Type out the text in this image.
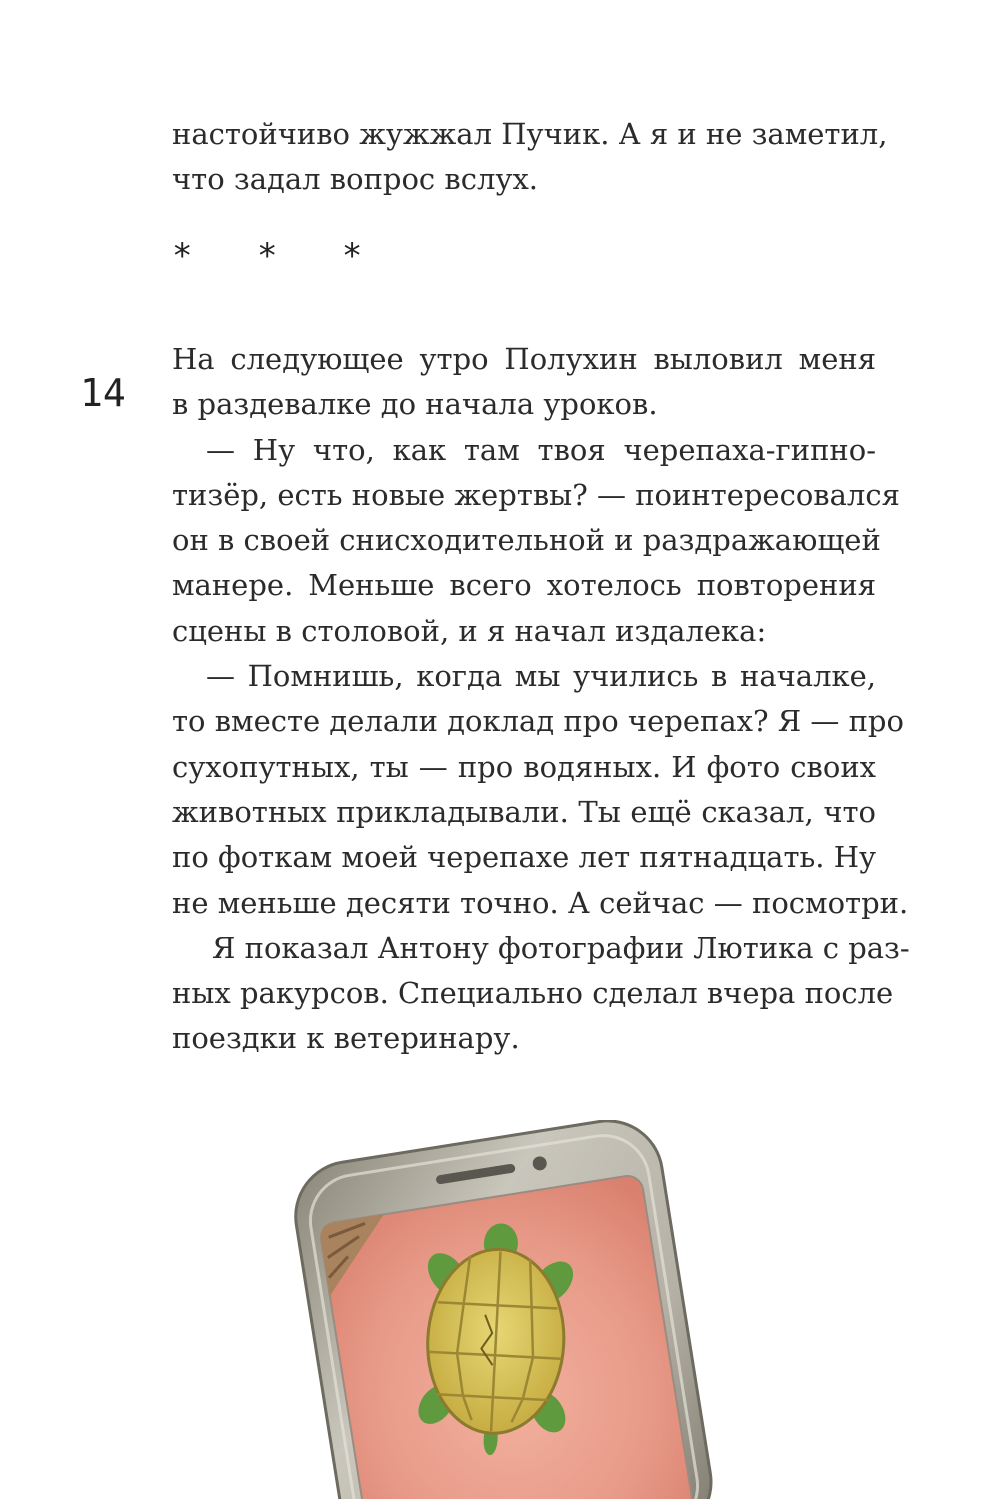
настойчиво жужжал Пучик. А я и не заметил,
что задал вопрос вслух.
* * *
14
На следующее утро Полухин выловил меня
в раздевалке до начала уроков.
— Ну что, как там твоя черепаха-гипно-
тизёр, есть новые жертвы? — поинтересовался
он в своей снисходительной и раздражающей
манере. Меньше всего хотелось повторения
сцены в столовой, и я начал издалека:
— Помнишь, когда мы учились в началке,
то вместе делали доклад про черепах? Я — про
сухопутных, ты — про водяных. И фото своих
животных прикладывали. Ты ещё сказал, что
по фоткам моей черепахе лет пятнадцать. Ну
не меньше десяти точно. А сейчас — посмотри.
Я показал Антону фотографии Лютика с раз-
ных ракурсов. Специально сделал вчера после
поездки к ветеринару.
